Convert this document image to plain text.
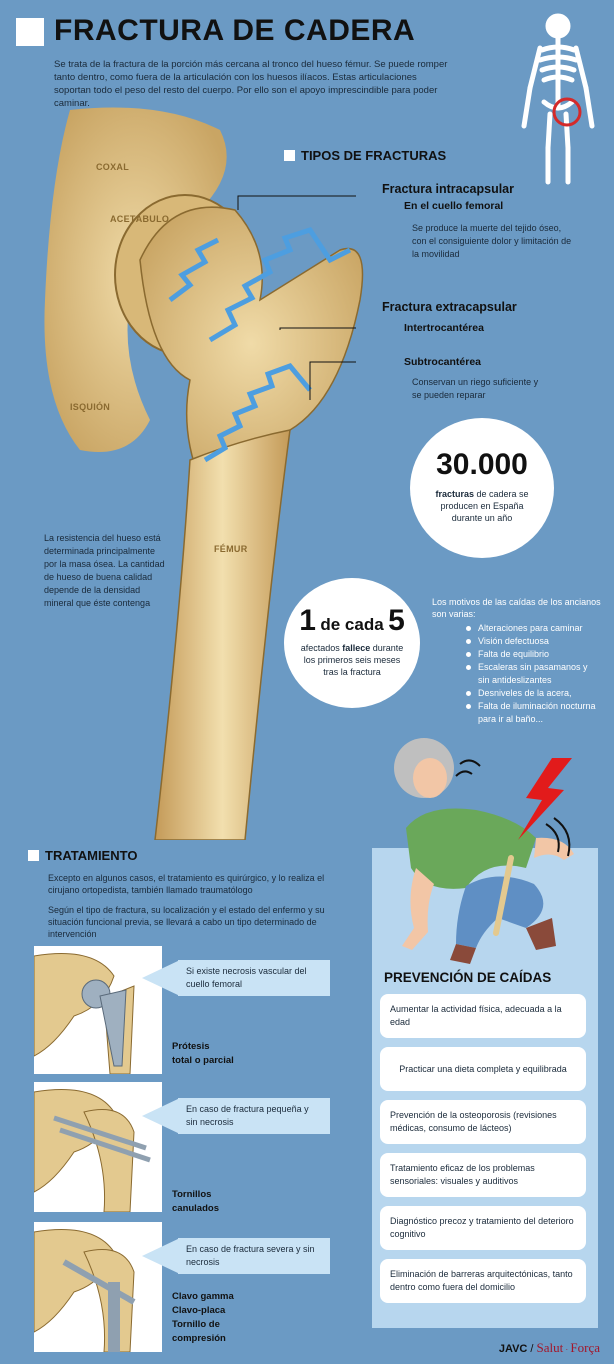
FRACTURA DE CADERA
Se trata de la fractura de la porción más cercana al tronco del hueso fémur. Se puede romper tanto dentro, como fuera de la articulación con los huesos ilíacos. Estas articulaciones soportan todo el peso del resto del cuerpo. Por ello son el apoyo imprescindible para poder caminar.
COXAL
ACETÁBULO
ISQUIÓN
FÉMUR
TIPOS DE FRACTURAS
Fractura intracapsular
En el cuello femoral
Se produce la muerte del tejido óseo, con el consiguiente dolor y limitación de la movilidad
Fractura extracapsular
Intertrocantérea
Subtrocantérea
Conservan un riego suficiente y se pueden reparar
30.000
fracturas de cadera se producen en España durante un año
1 de cada 5
afectados fallece durante los primeros seis meses tras la fractura
La resistencia del hueso está determinada principalmente por la masa ósea. La cantidad de hueso de buena calidad depende de la densidad mineral que éste contenga	Los motivos de las caídas de los ancianos son varias:
Alteraciones para caminar
Visión defectuosa
Falta de equilibrio
Escaleras sin pasamanos y sin antideslizantes
Desniveles de la acera,
Falta de iluminación nocturna para ir al baño...
PREVENCIÓN DE CAÍDAS
Aumentar la actividad física, adecuada a la edad
Practicar una dieta completa y equilibrada
Prevención de la osteoporosis (revisiones médicas, consumo de lácteos)
Tratamiento eficaz de los problemas sensoriales: visuales y auditivos
Diagnóstico precoz y tratamiento del deterioro cognitivo
Eliminación de barreras arquitectónicas, tanto dentro como fuera del domicilio
TRATAMIENTO
Excepto en algunos casos, el tratamiento es quirúrgico, y lo realiza el cirujano ortopedista, también llamado traumatólogo
Según el tipo de fractura, su localización y el estado del enfermo y su situación funcional previa, se llevará a cabo un tipo determinado de intervención
Si existe necrosis vascular del cuello femoral
Prótesis
total o parcial
En caso de fractura pequeña y sin necrosis
Tornillos
canulados
En caso de fractura severa y sin necrosis
Clavo gamma
Clavo-placa
Tornillo de
compresión
JAVC / Salut · Força
